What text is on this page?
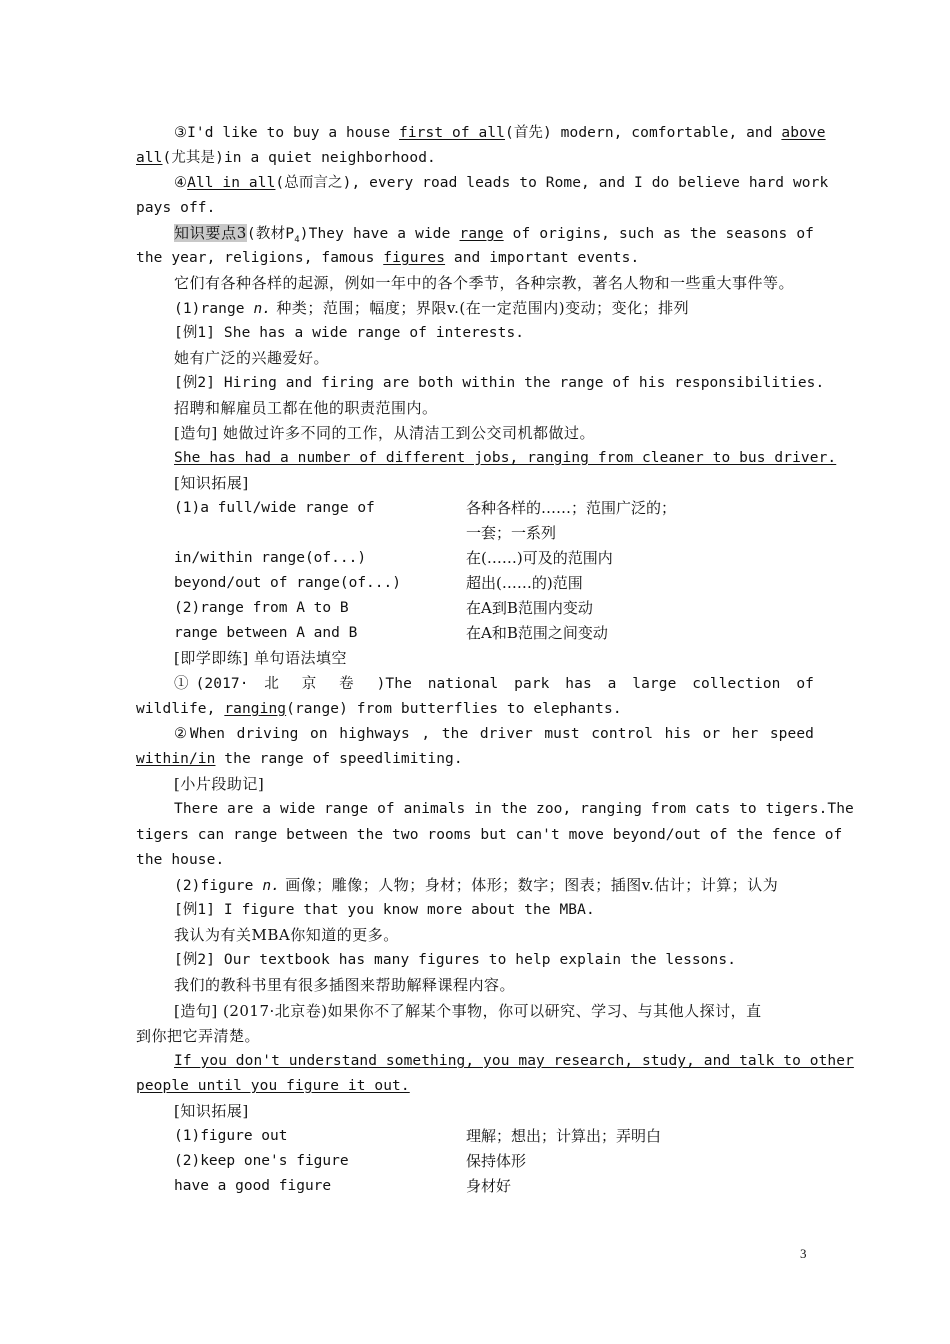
③I'd like to buy a house first of all(首先) modern, comfortable, and above
all(尤其是)in a quiet neighborhood.
④All in all(总而言之), every road leads to Rome, and I do believe hard work
pays off.
知识要点3(教材$P_4)They$ have a wide range of origins, such as the seasons of
the year, religions, famous figures and important events.
它们有各种各样的起源，例如一年中的各个季节，各种宗教，著名人物和一些重大事件等。
(1)range n. 种类；范围；幅度；界限v.(在一定范围内)变动；变化；排列
[例1] She has a wide range of interests.
她有广泛的兴趣爱好。
[例2] Hiring and firing are both within the range of his responsibilities.
招聘和解雇员工都在他的职责范围内。
[造句] 她做过许多不同的工作，从清洁工到公交司机都做过。
She has had a number of different jobs, ranging from cleaner to bus driver.
[知识拓展]
(1)a full/wide range of	各种各样的……；范围广泛的；
一套；一系列
in/within range(of...)	在(……)可及的范围内
beyond/out of range(of...)	超出(……的)范围
(2)range from A to B	在A到B范围内变动
range between A and B	在A和B范围之间变动
[即学即练] 单句语法填空
①(2017· 北 京 卷 )The national park has a large collection of
wildlife, ranging(range) from butterflies to elephants.
②When driving on highways , the driver must control his or her speed
within/in the range of speedlimiting.
[小片段助记]
There are a wide range of animals in the zoo, ranging from cats to tigers.The
tigers can range between the two rooms but can't move beyond/out of the fence of
the house.
(2)figure n. 画像；雕像；人物；身材；体形；数字；图表；插图v.估计；计算；认为
[例1] I figure that you know more about the MBA.
我认为有关MBA你知道的更多。
[例2] Our textbook has many figures to help explain the lessons.
我们的教科书里有很多插图来帮助解释课程内容。
[造句] (2017·北京卷)如果你不了解某个事物，你可以研究、学习、与其他人探讨，直
到你把它弄清楚。
If you don't understand something, you may research, study, and talk to other
people until you figure it out.
[知识拓展]
(1)figure out	理解；想出；计算出；弄明白
(2)keep one's figure	保持体形
have a good figure	身材好
3
